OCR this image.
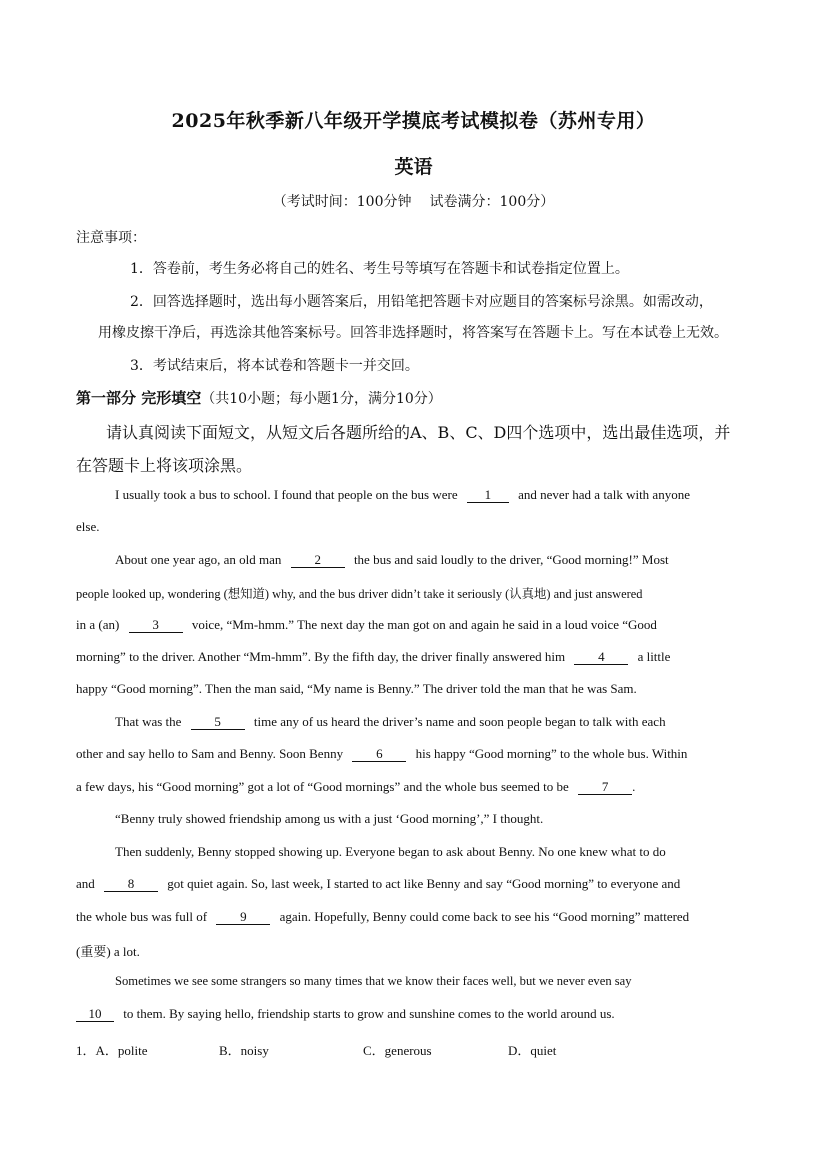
2025年秋季新八年级开学摸底考试模拟卷（苏州专用）
英语
（考试时间：100分钟 试卷满分：100分）
注意事项：
1．答卷前，考生务必将自己的姓名、考生号等填写在答题卡和试卷指定位置上。
2．回答选择题时，选出每小题答案后，用铅笔把答题卡对应题目的答案标号涂黑。如需改动，
用橡皮擦干净后，再选涂其他答案标号。回答非选择题时，将答案写在答题卡上。写在本试卷上无效。
3．考试结束后，将本试卷和答题卡一并交回。
第一部分 完形填空（共10小题；每小题1分，满分10分）
请认真阅读下面短文，从短文后各题所给的A、B、C、D四个选项中，选出最佳选项，并
在答题卡上将该项涂黑。
I usually took a bus to school. I found that people on the bus were 1 and never had a talk with anyone
else.
About one year ago, an old man	2	the bus and said loudly to the driver, “Good morning!” Most
people looked up, wondering (想知道) why, and the bus driver didn’t take it seriously (认真地) and just answered
in a (an)	3	voice, “Mm-hmm.” The next day the man got on and again he said in a loud voice “Good
morning” to the driver. Another “Mm-hmm”. By the fifth day, the driver finally answered him	4	a little
happy “Good morning”. Then the man said, “My name is Benny.” The driver told the man that he was Sam.
That was the	5	time any of us heard the driver’s name and soon people began to talk with each
other and say hello to Sam and Benny. Soon Benny	6	his happy “Good morning” to the whole bus. Within
a few days, his “Good morning” got a lot of “Good mornings” and the whole bus seemed to be	7 .
“Benny truly showed friendship among us with a just ‘Good morning’,” I thought.
Then suddenly, Benny stopped showing up. Everyone began to ask about Benny. No one knew what to do
and	8	got quiet again. So, last week, I started to act like Benny and say “Good morning” to everyone and
the whole bus was full of	9	again. Hopefully, Benny could come back to see his “Good morning” mattered
(重要) a lot.
Sometimes we see some strangers so many times that we know their faces well, but we never even say
10 to them. By saying hello, friendship starts to grow and sunshine comes to the world around us.
1．A．polite	B．noisy	C．generous	D．quiet
